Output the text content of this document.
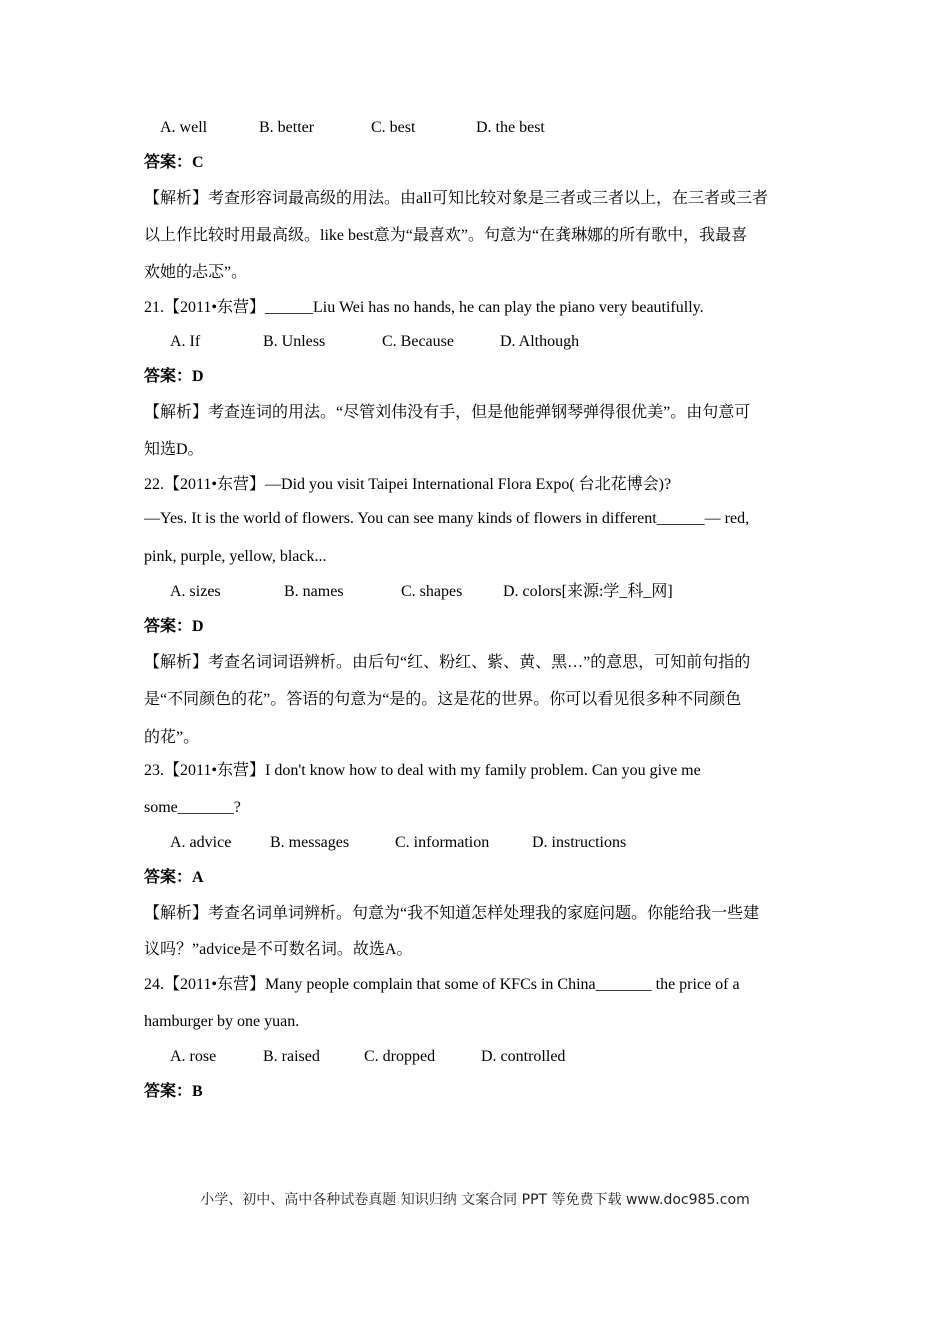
A. well	B. better	C. best	D. the best
答案：C
【解析】考查形容词最高级的用法。由all可知比较对象是三者或三者以上，在三者或三者
以上作比较时用最高级。like best意为“最喜欢”。句意为“在龚琳娜的所有歌中，我最喜
欢她的忐忑”。
21.【2011•东营】______Liu Wei has no hands, he can play the piano very beautifully.
A. If	B. Unless	C. Because	D. Although
答案：D
【解析】考查连词的用法。“尽管刘伟没有手，但是他能弹钢琴弹得很优美”。由句意可
知选D。
22.【2011•东营】—Did you visit Taipei International Flora Expo( 台北花博会)?
—Yes. It is the world of flowers. You can see many kinds of flowers in different______— red,
pink, purple, yellow, black...
A. sizes	B. names	C. shapes	D. colors[来源:学_科_网]
答案：D
【解析】考查名词词语辨析。由后句“红、粉红、紫、黄、黑…”的意思，可知前句指的
是“不同颜色的花”。答语的句意为“是的。这是花的世界。你可以看见很多种不同颜色
的花”。
23.【2011•东营】I don't know how to deal with my family problem. Can you give me
some_______?
A. advice B. messages	C. information	D. instructions
答案：A
【解析】考查名词单词辨析。句意为“我不知道怎样处理我的家庭问题。你能给我一些建
议吗？”advice是不可数名词。故选A。
24.【2011•东营】Many people complain that some of KFCs in China_______ the price of a
hamburger by one yuan.
A. rose	B. raised	C. dropped	D. controlled
答案：B
小学、初中、高中各种试卷真题 知识归纳 文案合同 PPT 等免费下载 www.doc985.com
